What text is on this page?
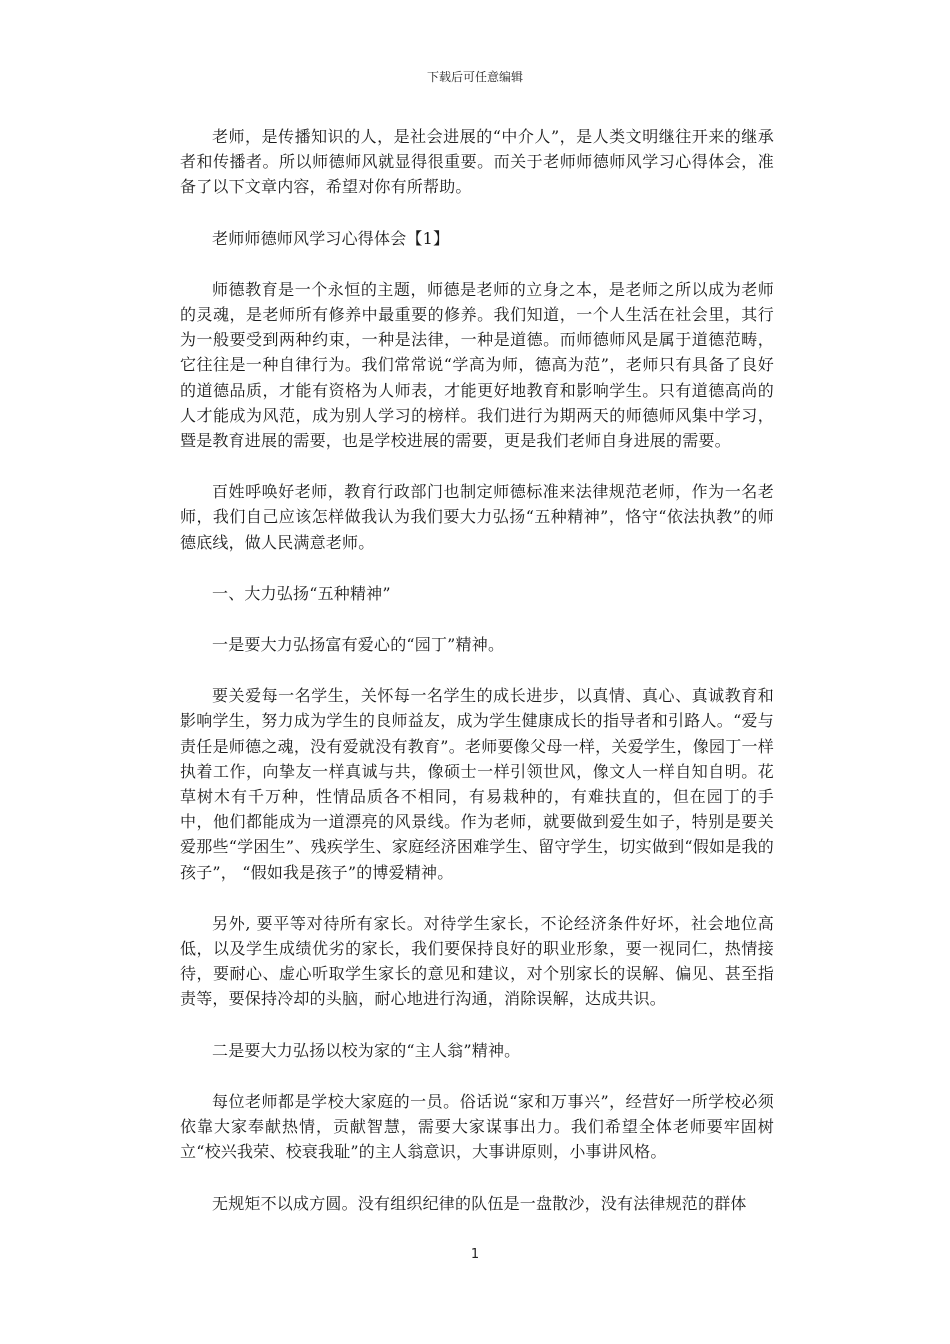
下载后可任意编辑

老师，是传播知识的人，是社会进展的“中介人”，是人类文明继往开来的继承者和传播者。所以师德师风就显得很重要。而关于老师师德师风学习心得体会，准备了以下文章内容，希望对你有所帮助。

老师师德师风学习心得体会【1】

师德教育是一个永恒的主题，师德是老师的立身之本，是老师之所以成为老师的灵魂，是老师所有修养中最重要的修养。我们知道，一个人生活在社会里，其行为一般要受到两种约束，一种是法律，一种是道德。而师德师风是属于道德范畴，它往往是一种自律行为。我们常常说“学高为师，德高为范”，老师只有具备了良好的道德品质，才能有资格为人师表，才能更好地教育和影响学生。只有道德高尚的人才能成为风范，成为别人学习的榜样。我们进行为期两天的师德师风集中学习，暨是教育进展的需要，也是学校进展的需要，更是我们老师自身进展的需要。

百姓呼唤好老师，教育行政部门也制定师德标准来法律规范老师，作为一名老师，我们自己应该怎样做我认为我们要大力弘扬“五种精神”，恪守“依法执教”的师德底线，做人民满意老师。

一、大力弘扬“五种精神”

一是要大力弘扬富有爱心的“园丁”精神。

要关爱每一名学生，关怀每一名学生的成长进步，以真情、真心、真诚教育和影响学生，努力成为学生的良师益友，成为学生健康成长的指导者和引路人。“爱与责任是师德之魂，没有爱就没有教育”。老师要像父母一样，关爱学生，像园丁一样执着工作，向挚友一样真诚与共，像硕士一样引领世风，像文人一样自知自明。花草树木有千万种，性情品质各不相同，有易栽种的，有难扶直的，但在园丁的手中，他们都能成为一道漂亮的风景线。作为老师，就要做到爱生如子，特别是要关爱那些“学困生”、残疾学生、家庭经济困难学生、留守学生，切实做到“假如是我的孩子”， “假如我是孩子”的博爱精神。

另外, 要平等对待所有家长。对待学生家长，不论经济条件好坏，社会地位高低，以及学生成绩优劣的家长，我们要保持良好的职业形象，要一视同仁，热情接待，要耐心、虚心听取学生家长的意见和建议，对个别家长的误解、偏见、甚至指责等，要保持冷却的头脑，耐心地进行沟通，消除误解，达成共识。

二是要大力弘扬以校为家的“主人翁”精神。

每位老师都是学校大家庭的一员。俗话说“家和万事兴”，经营好一所学校必须依靠大家奉献热情，贡献智慧，需要大家谋事出力。我们希望全体老师要牢固树立“校兴我荣、校衰我耻”的主人翁意识，大事讲原则，小事讲风格。

无规矩不以成方圆。没有组织纪律的队伍是一盘散沙，没有法律规范的群体

1
